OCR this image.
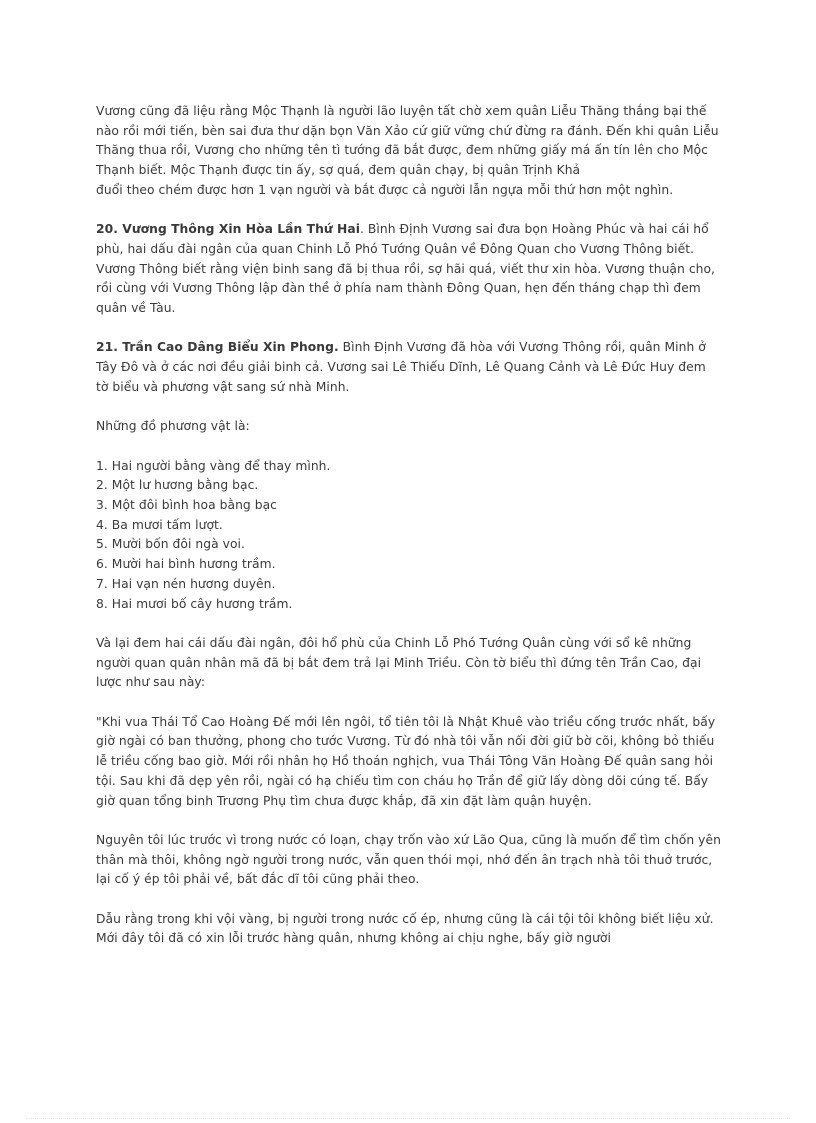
Vương cũng đã liệu rằng Mộc Thạnh là người lão luyện tất chờ xem quân Liễu Thăng thắng bại thế nào rồi mới tiến, bèn sai đưa thư dặn bọn Văn Xảo cứ giữ vững chứ đừng ra đánh. Đến khi quân Liễu Thăng thua rồi, Vương cho những tên tì tướng đã bắt được, đem những giấy má ấn tín lên cho Mộc Thạnh biết. Mộc Thạnh được tin ấy, sợ quá, đem quân chạy, bị quân Trịnh Khả
đuổi theo chém được hơn 1 vạn người và bắt được cả người lẫn ngựa mỗi thứ hơn một nghìn.

20. Vương Thông Xin Hòa Lần Thứ Hai. Bình Định Vương sai đưa bọn Hoàng Phúc và hai cái hổ phù, hai dấu đài ngân của quan Chinh Lỗ Phó Tướng Quân về Đông Quan cho Vương Thông biết. Vương Thông biết rằng viện binh sang đã bị thua rồi, sợ hãi quá, viết thư xin hòa. Vương thuận cho, rồi cùng với Vương Thông lập đàn thề ở phía nam thành Đông Quan, hẹn đến tháng chạp thì đem quân về Tàu.

21. Trần Cao Dâng Biểu Xin Phong. Bình Định Vương đã hòa với Vương Thông rồi, quân Minh ở Tây Đô và ở các nơi đều giải binh cả. Vương sai Lê Thiếu Dĩnh, Lê Quang Cảnh và Lê Đức Huy đem tờ biểu và phương vật sang sứ nhà Minh.

Những đồ phương vật là:

1. Hai người bằng vàng để thay mình.
2. Một lư hương bằng bạc.
3. Một đôi bình hoa bằng bạc
4. Ba mươi tấm lượt.
5. Mười bốn đôi ngà voi.
6. Mười hai bình hương trầm.
7. Hai vạn nén hương duyên.
8. Hai mươi bố cây hương trầm.

Và lại đem hai cái dấu đài ngân, đôi hổ phù của Chinh Lỗ Phó Tướng Quân cùng với sổ kê những người quan quân nhân mã đã bị bắt đem trả lại Minh Triều. Còn tờ biểu thì đứng tên Trần Cao, đại lược như sau này:

"Khi vua Thái Tổ Cao Hoàng Đế mới lên ngôi, tổ tiên tôi là Nhật Khuê vào triều cống trước nhất, bấy giờ ngài có ban thưởng, phong cho tước Vương. Từ đó nhà tôi vẫn nối đời giữ bờ cõi, không bỏ thiếu lễ triều cống bao giờ. Mới rồi nhân họ Hồ thoán nghịch, vua Thái Tông Văn Hoàng Đế quân sang hỏi tội. Sau khi đã dẹp yên rồi, ngài có hạ chiếu tìm con cháu họ Trần để giữ lấy dòng dõi cúng tế. Bấy giờ quan tổng binh Trương Phụ tìm chưa được khắp, đã xin đặt làm quận huyện.

Nguyên tôi lúc trước vì trong nước có loạn, chạy trốn vào xứ Lão Qua, cũng là muốn để tìm chốn yên thân mà thôi, không ngờ người trong nước, vẫn quen thói mọi, nhớ đến ân trạch nhà tôi thuở trước, lại cố ý ép tôi phải về, bất đắc dĩ tôi cũng phải theo.

Dẫu rằng trong khi vội vàng, bị người trong nước cố ép, nhưng cũng là cái tội tôi không biết liệu xử. Mới đây tôi đã có xin lỗi trước hàng quân, nhưng không ai chịu nghe, bấy giờ người
